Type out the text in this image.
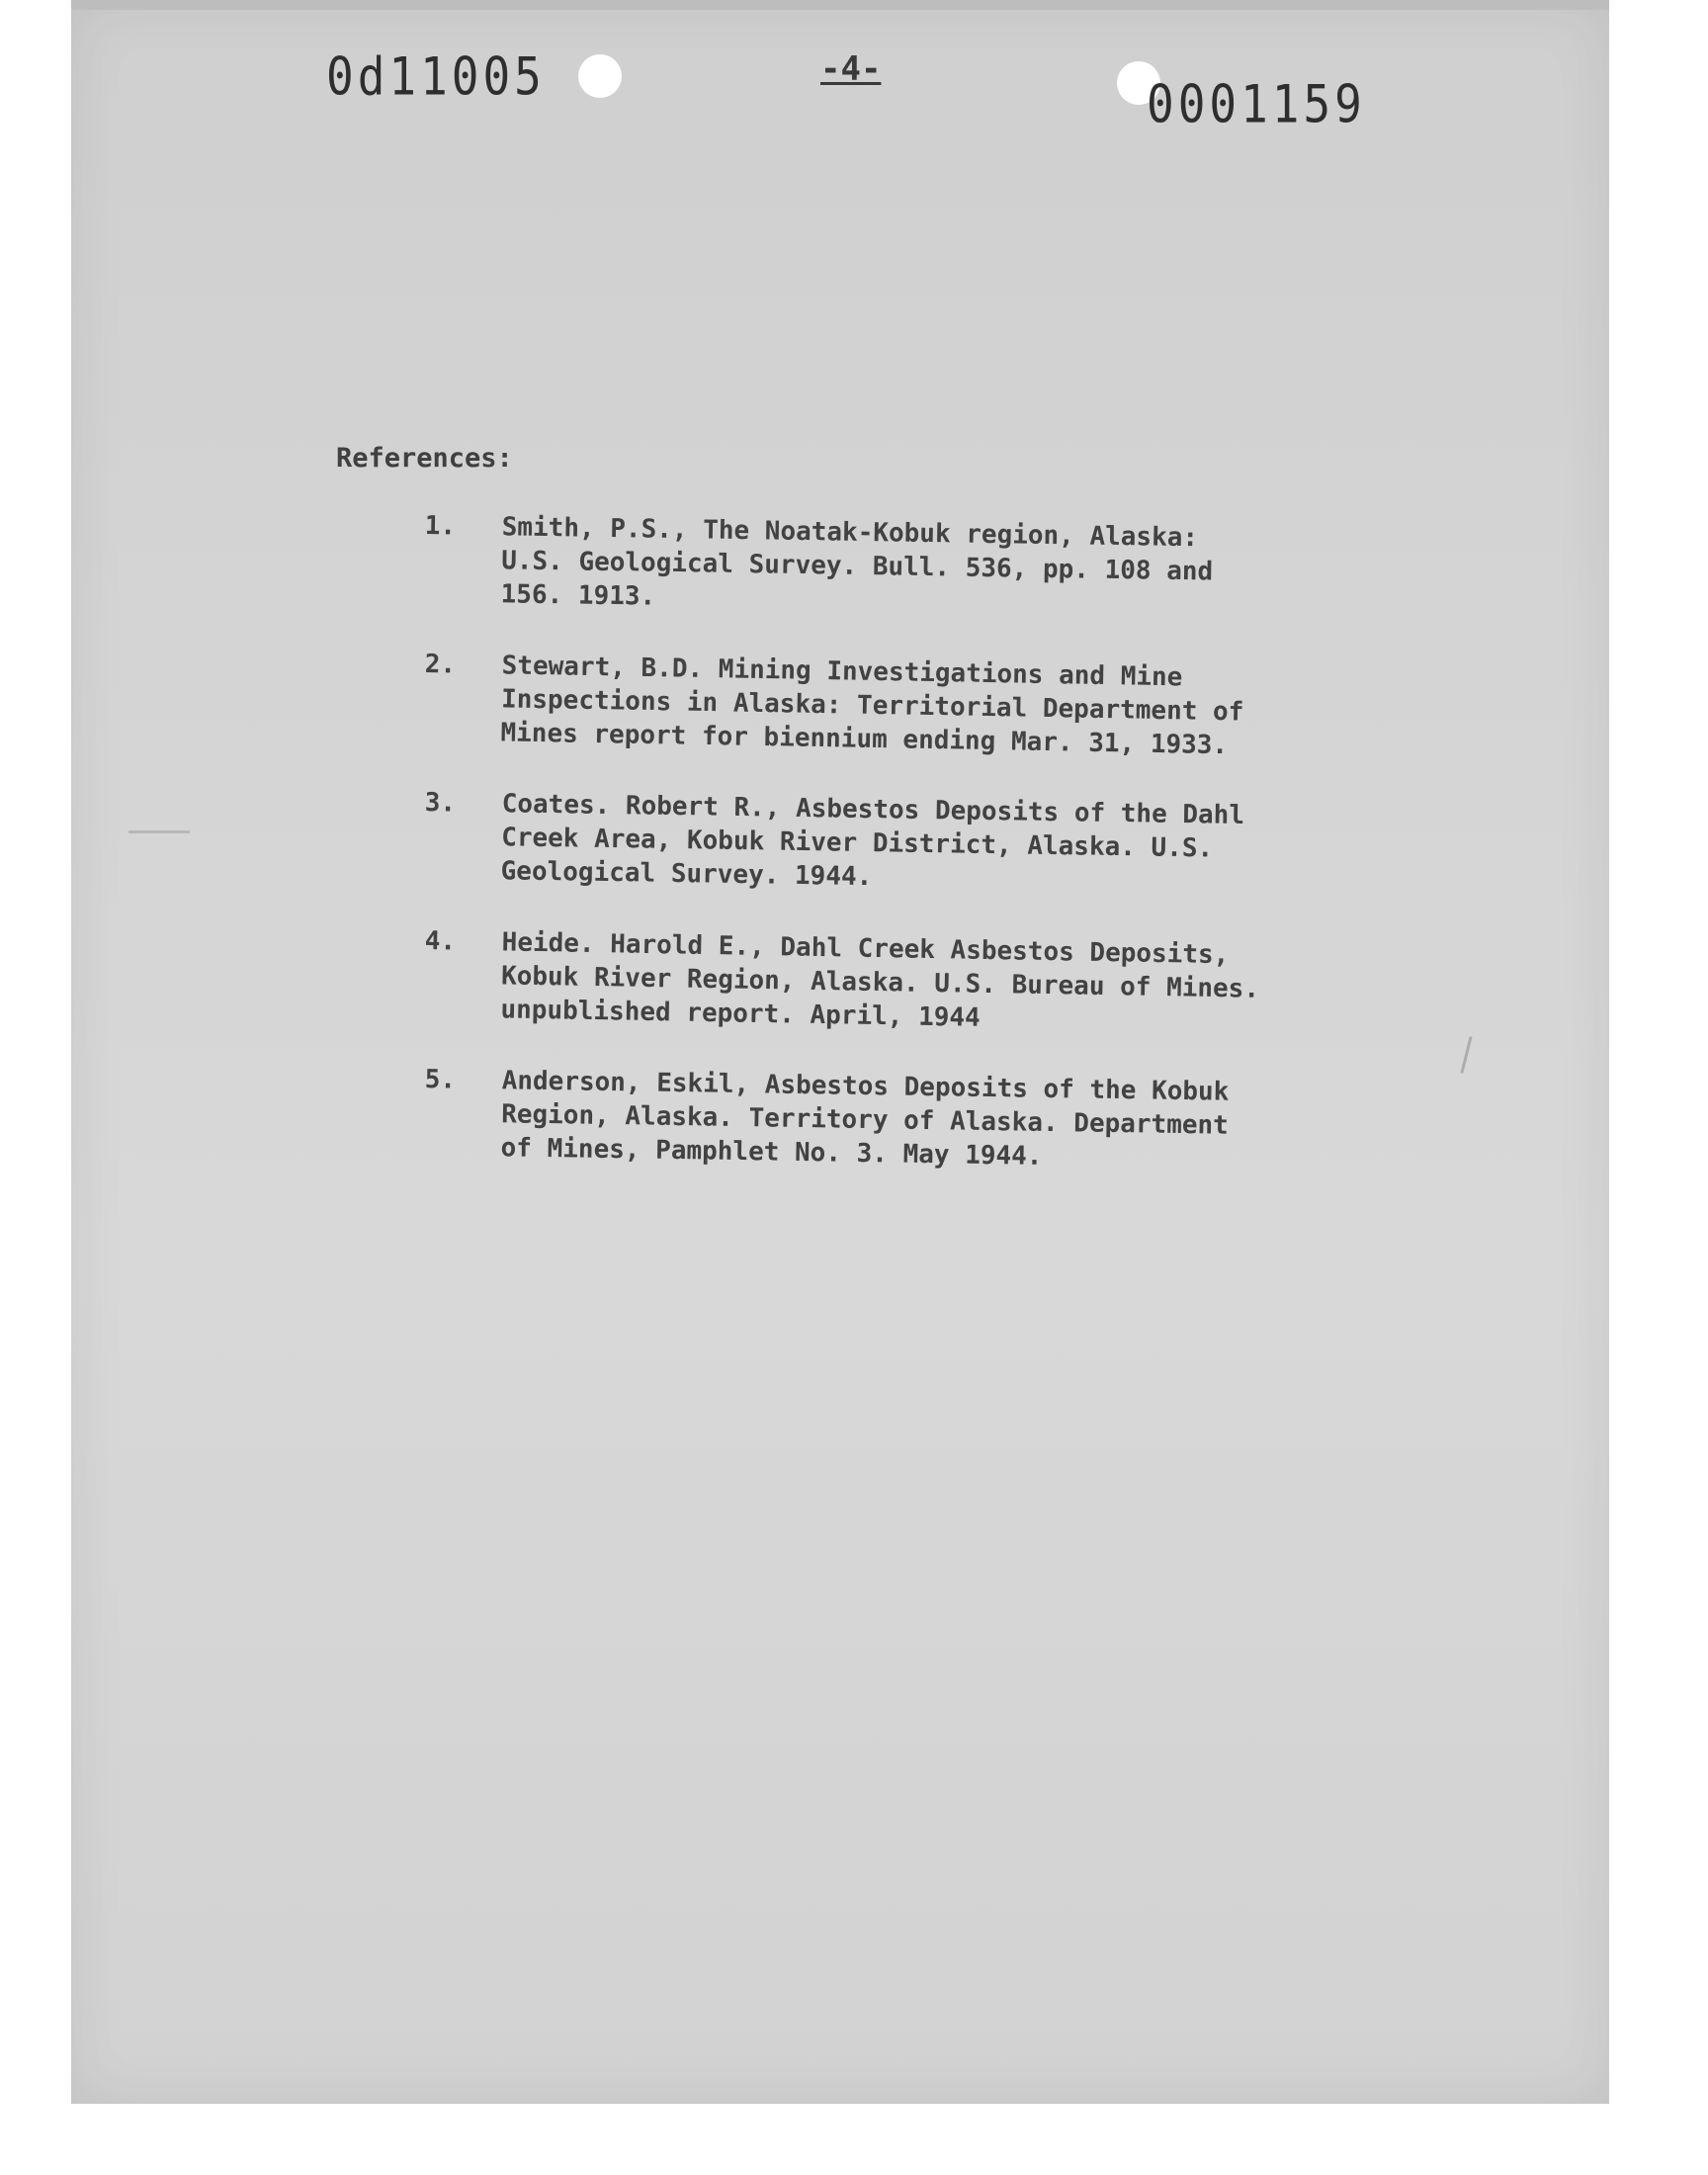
0d11005	-4-
0001159
References:
1. Smith, P.S., The Noatak-Kobuk region, Alaska:
U.S. Geological Survey. Bull. 536, pp. 108 and
156. 1913.
2. Stewart, B.D. Mining Investigations and Mine
Inspections in Alaska: Territorial Department of
Mines report for biennium ending Mar. 31, 1933.
3. Coates. Robert R., Asbestos Deposits of the Dahl
Creek Area, Kobuk River District, Alaska. U.S.
Geological Survey. 1944.
4. Heide. Harold E., Dahl Creek Asbestos Deposits,
Kobuk River Region, Alaska. U.S. Bureau of Mines.
unpublished report. April, 1944
5. Anderson, Eskil, Asbestos Deposits of the Kobuk
Region, Alaska. Territory of Alaska. Department
of Mines, Pamphlet No. 3. May 1944.
